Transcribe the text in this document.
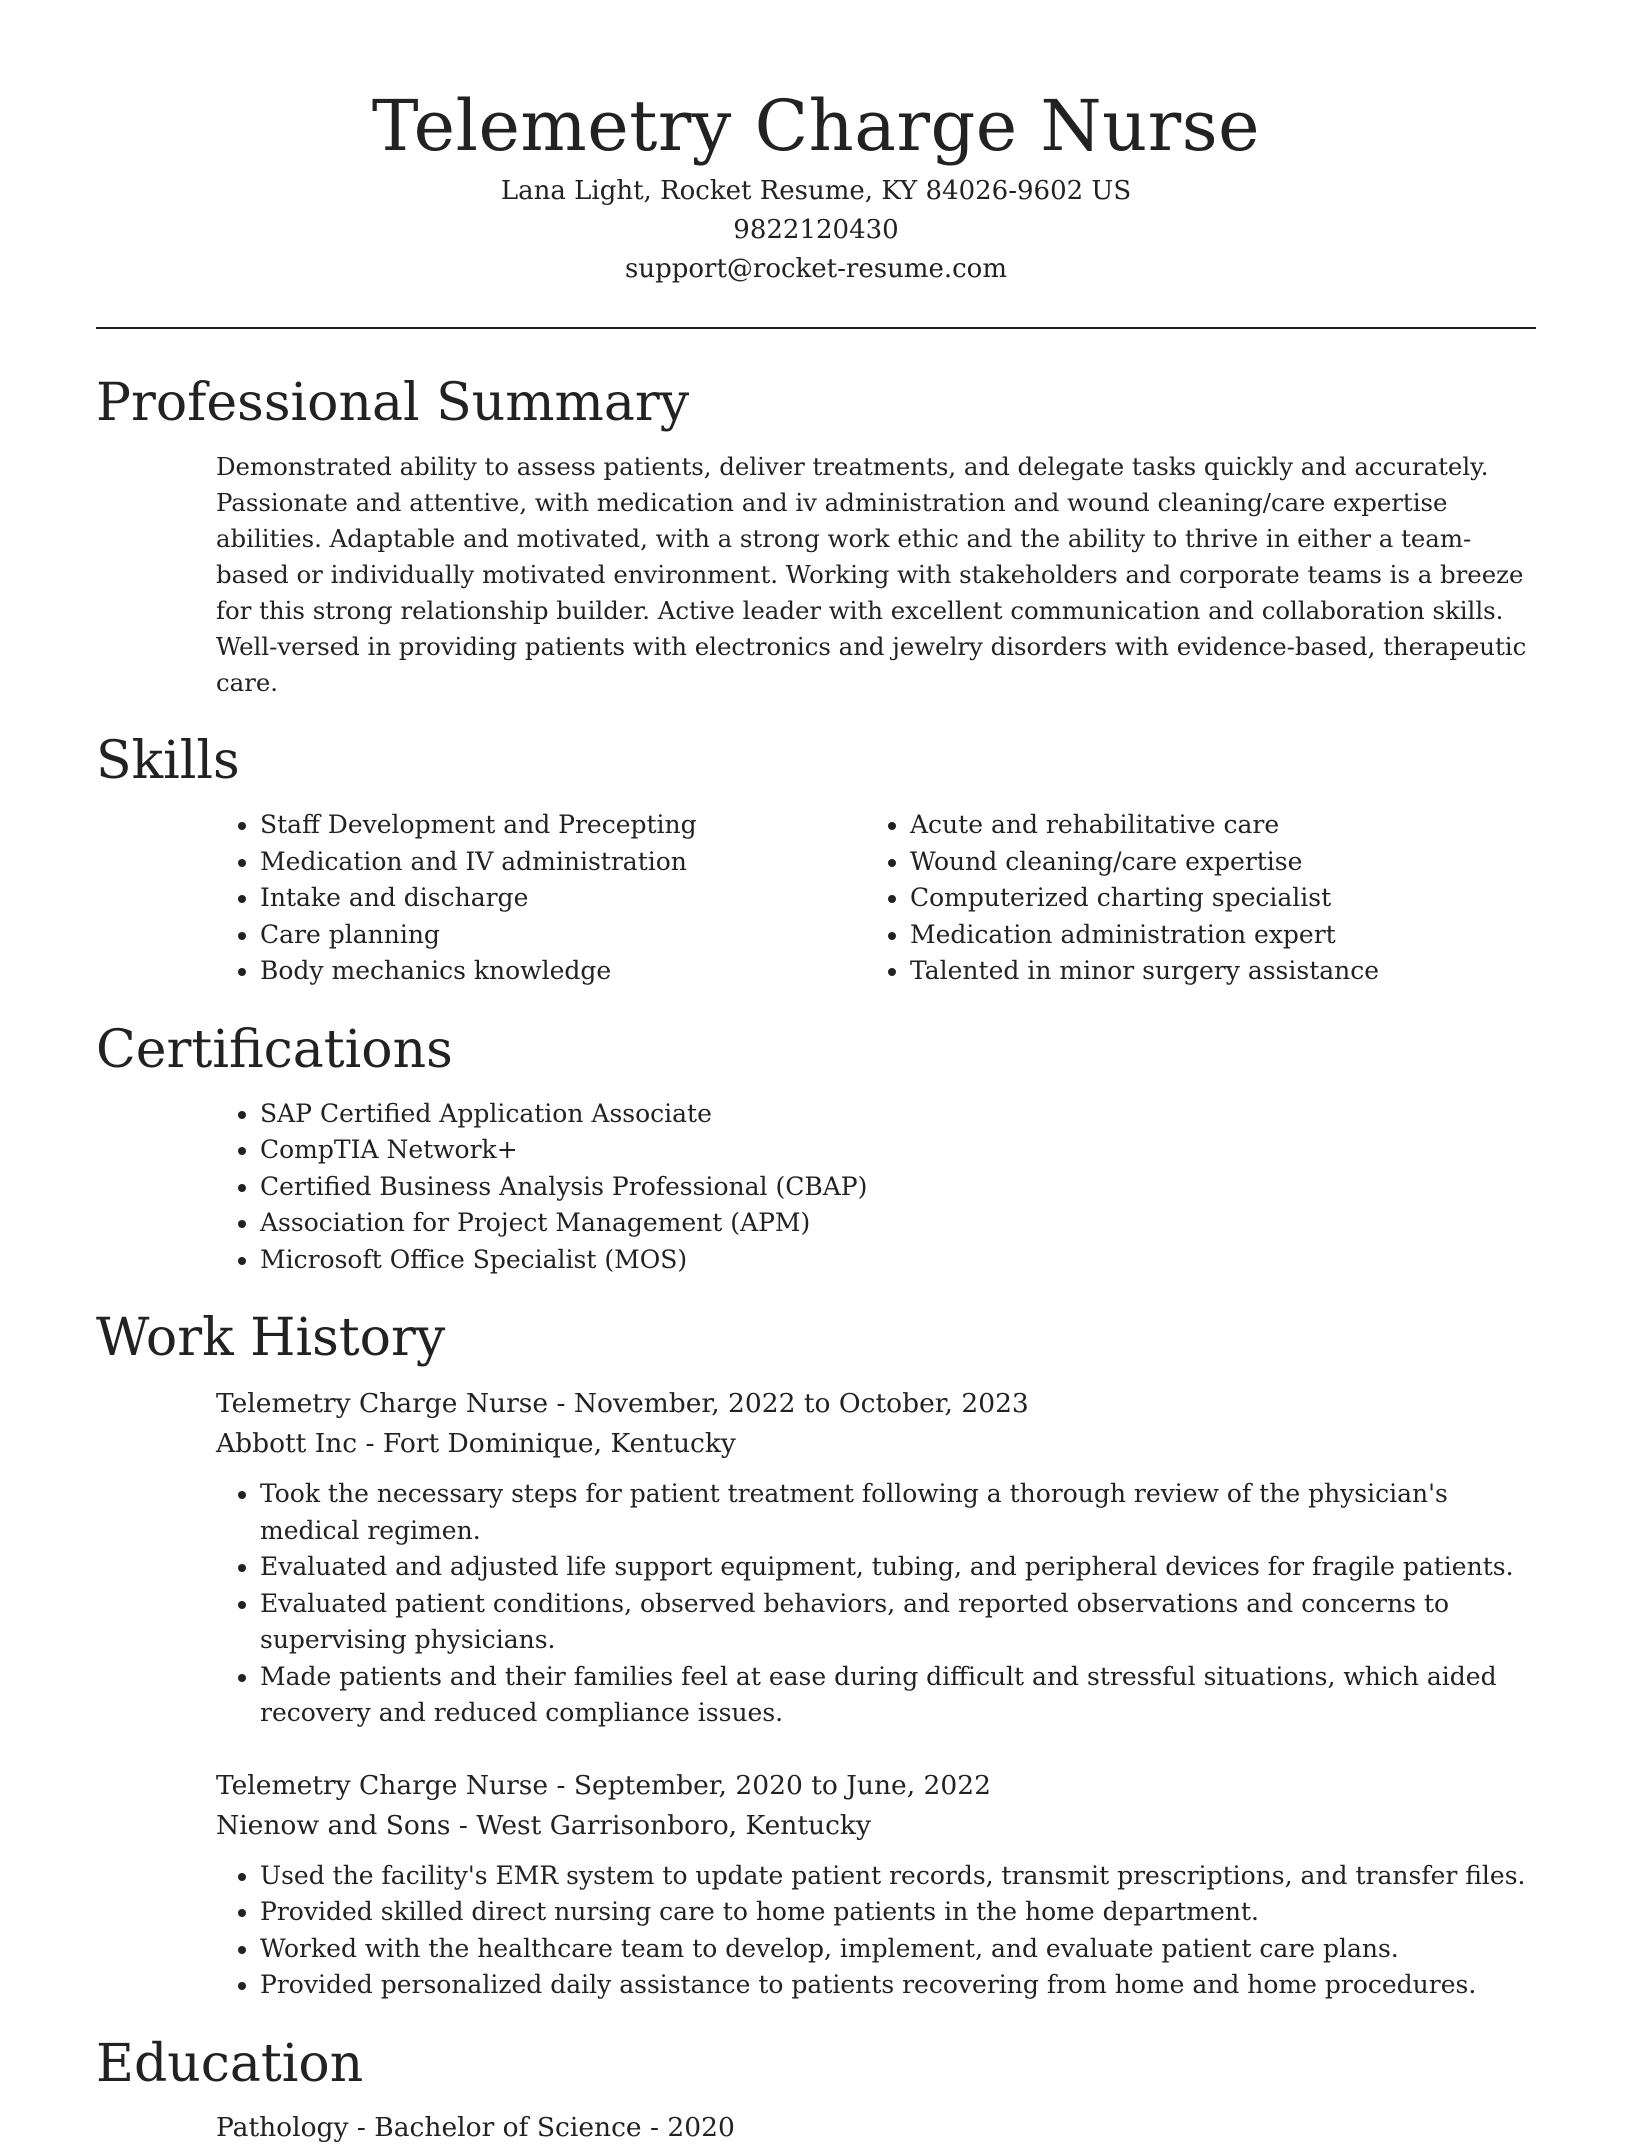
Telemetry Charge Nurse
Lana Light, Rocket Resume, KY 84026-9602 US
9822120430
support@rocket-resume.com
Professional Summary

Demonstrated ability to assess patients, deliver treatments, and delegate tasks quickly and accurately. Passionate and attentive, with medication and iv administration and wound cleaning/care expertise abilities. Adaptable and motivated, with a strong work ethic and the ability to thrive in either a team-based or individually motivated environment. Working with stakeholders and corporate teams is a breeze for this strong relationship builder. Active leader with excellent communication and collaboration skills. Well-versed in providing patients with electronics and jewelry disorders with evidence-based, therapeutic care.

Skills
• Staff Development and Precepting
• Medication and IV administration
• Intake and discharge
• Care planning
• Body mechanics knowledge
• Acute and rehabilitative care
• Wound cleaning/care expertise
• Computerized charting specialist
• Medication administration expert
• Talented in minor surgery assistance
Certifications
• SAP Certified Application Associate
• CompTIA Network+
• Certified Business Analysis Professional (CBAP)
• Association for Project Management (APM)
• Microsoft Office Specialist (MOS)
Work History
Telemetry Charge Nurse - November, 2022 to October, 2023
Abbott Inc - Fort Dominique, Kentucky
• Took the necessary steps for patient treatment following a thorough review of the physician's medical regimen.
• Evaluated and adjusted life support equipment, tubing, and peripheral devices for fragile patients.
• Evaluated patient conditions, observed behaviors, and reported observations and concerns to supervising physicians.
• Made patients and their families feel at ease during difficult and stressful situations, which aided recovery and reduced compliance issues.
Telemetry Charge Nurse - September, 2020 to June, 2022
Nienow and Sons - West Garrisonboro, Kentucky
• Used the facility's EMR system to update patient records, transmit prescriptions, and transfer files.
• Provided skilled direct nursing care to home patients in the home department.
• Worked with the healthcare team to develop, implement, and evaluate patient care plans.
• Provided personalized daily assistance to patients recovering from home and home procedures.
Education
Pathology - Bachelor of Science - 2020
